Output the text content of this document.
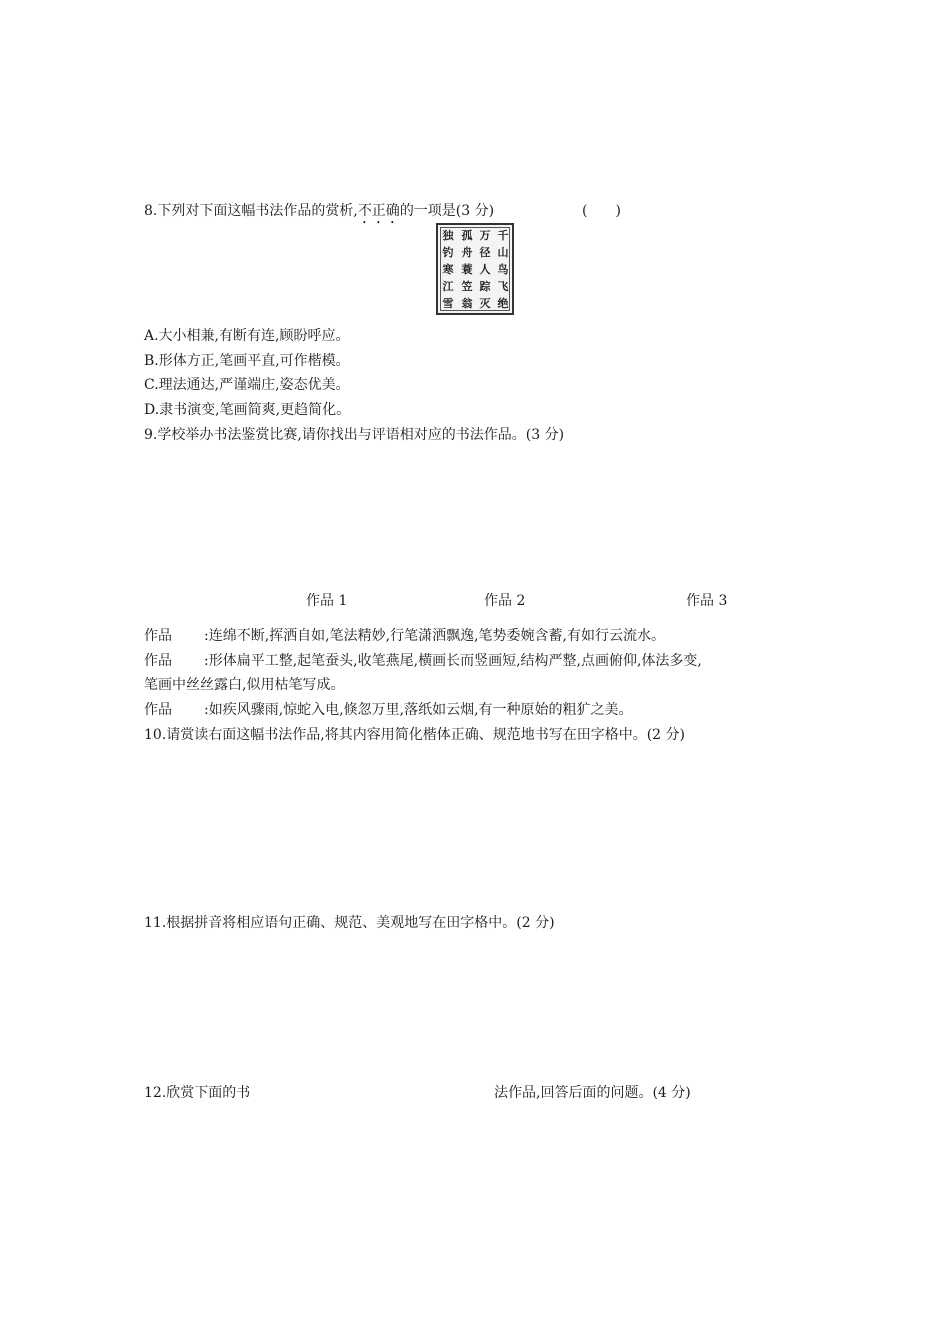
8.下列对下面这幅书法作品的赏析,不正确的一项是(3 分)	(　　)
千
山
鸟
飞
绝
万
径
人
踪
灭
孤
舟
蓑
笠
翁
独
钓
寒
江
雪
A.大小相兼,有断有连,顾盼呼应。
B.形体方正,笔画平直,可作楷模。
C.理法通达,严谨端庄,姿态优美。
D.隶书演变,笔画简爽,更趋简化。
9.学校举办书法鉴赏比赛,请你找出与评语相对应的书法作品。(3 分)
作品 1	作品 2	作品 3
作品 :连绵不断,挥洒自如,笔法精妙,行笔潇洒飘逸,笔势委婉含蓄,有如行云流水。
作品 :形体扁平工整,起笔蚕头,收笔燕尾,横画长而竖画短,结构严整,点画俯仰,体法多变,
笔画中丝丝露白,似用枯笔写成。
作品 :如疾风骤雨,惊蛇入电,倏忽万里,落纸如云烟,有一种原始的粗犷之美。
10.请赏读右面这幅书法作品,将其内容用简化楷体正确、规范地书写在田字格中。(2 分)
11.根据拼音将相应语句正确、规范、美观地写在田字格中。(2 分)
12.欣赏下面的书	法作品,回答后面的问题。(4 分)
